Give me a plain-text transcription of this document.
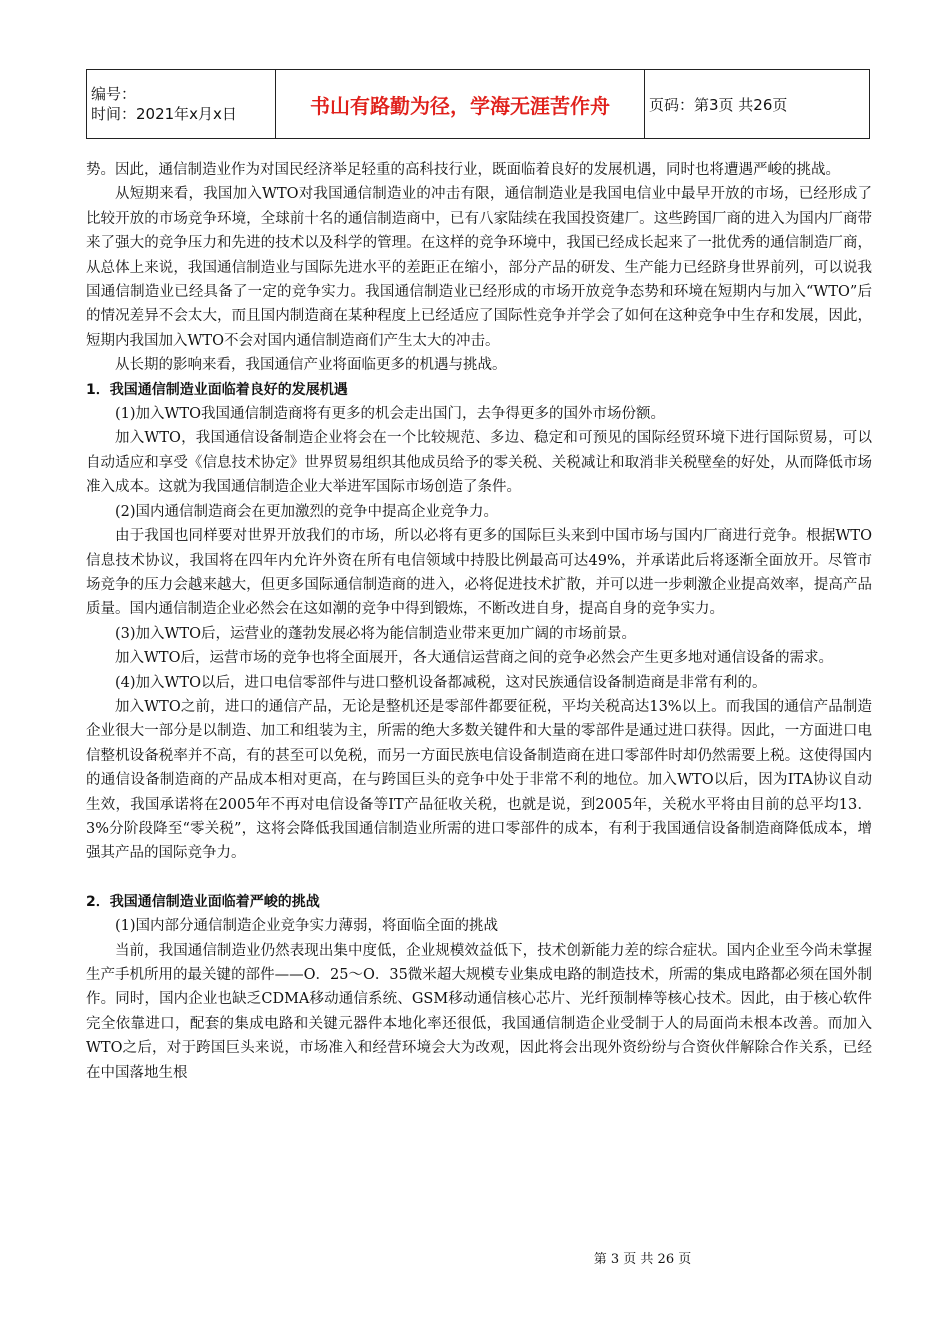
编号：
时间：2021年x月x日	书山有路勤为径，学海无涯苦作舟	页码：第3页 共26页

势。因此，通信制造业作为对国民经济举足轻重的高科技行业，既面临着良好的发展机遇，同时也将遭遇严峻的挑战。

从短期来看，我国加入WTO对我国通信制造业的冲击有限，通信制造业是我国电信业中最早开放的市场，已经形成了比较开放的市场竞争环境，全球前十名的通信制造商中，已有八家陆续在我国投资建厂。这些跨国厂商的进入为国内厂商带来了强大的竞争压力和先进的技术以及科学的管理。在这样的竞争环境中，我国已经成长起来了一批优秀的通信制造厂商，从总体上来说，我国通信制造业与国际先进水平的差距正在缩小，部分产品的研发、生产能力已经跻身世界前列，可以说我国通信制造业已经具备了一定的竞争实力。我国通信制造业已经形成的市场开放竞争态势和环境在短期内与加入“WTO”后的情况差异不会太大，而且国内制造商在某种程度上已经适应了国际性竞争并学会了如何在这种竞争中生存和发展，因此，短期内我国加入WTO不会对国内通信制造商们产生太大的冲击。

从长期的影响来看，我国通信产业将面临更多的机遇与挑战。

1．我国通信制造业面临着良好的发展机遇

(1)加入WTO我国通信制造商将有更多的机会走出国门，去争得更多的国外市场份额。

加入WTO，我国通信设备制造企业将会在一个比较规范、多边、稳定和可预见的国际经贸环境下进行国际贸易，可以自动适应和享受《信息技术协定》世界贸易组织其他成员给予的零关税、关税减让和取消非关税壁垒的好处，从而降低市场准入成本。这就为我国通信制造企业大举进军国际市场创造了条件。

(2)国内通信制造商会在更加激烈的竞争中提高企业竞争力。

由于我国也同样要对世界开放我们的市场，所以必将有更多的国际巨头来到中国市场与国内厂商进行竞争。根据WTO信息技术协议，我国将在四年内允许外资在所有电信领域中持股比例最高可达49%，并承诺此后将逐渐全面放开。尽管市场竞争的压力会越来越大，但更多国际通信制造商的进入，必将促进技术扩散，并可以进一步刺激企业提高效率，提高产品质量。国内通信制造企业必然会在这如潮的竞争中得到锻炼，不断改进自身，提高自身的竞争实力。

(3)加入WTO后，运营业的蓬勃发展必将为能信制造业带来更加广阔的市场前景。

加入WTO后，运营市场的竞争也将全面展开，各大通信运营商之间的竞争必然会产生更多地对通信设备的需求。

(4)加入WTO以后，进口电信零部件与进口整机设备都减税，这对民族通信设备制造商是非常有利的。

加入WTO之前，进口的通信产品，无论是整机还是零部件都要征税，平均关税高达13%以上。而我国的通信产品制造企业很大一部分是以制造、加工和组装为主，所需的绝大多数关键件和大量的零部件是通过进口获得。因此，一方面进口电信整机设备税率并不高，有的甚至可以免税，而另一方面民族电信设备制造商在进口零部件时却仍然需要上税。这使得国内的通信设备制造商的产品成本相对更高，在与跨国巨头的竞争中处于非常不利的地位。加入WTO以后，因为ITA协议自动生效，我国承诺将在2005年不再对电信设备等IT产品征收关税，也就是说，到2005年，关税水平将由目前的总平均13．3%分阶段降至“零关税”，这将会降低我国通信制造业所需的进口零部件的成本，有利于我国通信设备制造商降低成本，增强其产品的国际竞争力。

2．我国通信制造业面临着严峻的挑战

(1)国内部分通信制造企业竞争实力薄弱，将面临全面的挑战

当前，我国通信制造业仍然表现出集中度低，企业规模效益低下，技术创新能力差的综合症状。国内企业至今尚未掌握生产手机所用的最关键的部件——O．25～O．35微米超大规模专业集成电路的制造技术，所需的集成电路都必须在国外制作。同时，国内企业也缺乏CDMA移动通信系统、GSM移动通信核心芯片、光纤预制棒等核心技术。因此，由于核心软件完全依靠进口，配套的集成电路和关键元器件本地化率还很低，我国通信制造企业受制于人的局面尚未根本改善。而加入WTO之后，对于跨国巨头来说，市场准入和经营环境会大为改观，因此将会出现外资纷纷与合资伙伴解除合作关系，已经在中国落地生根

第 3 页 共 26 页
